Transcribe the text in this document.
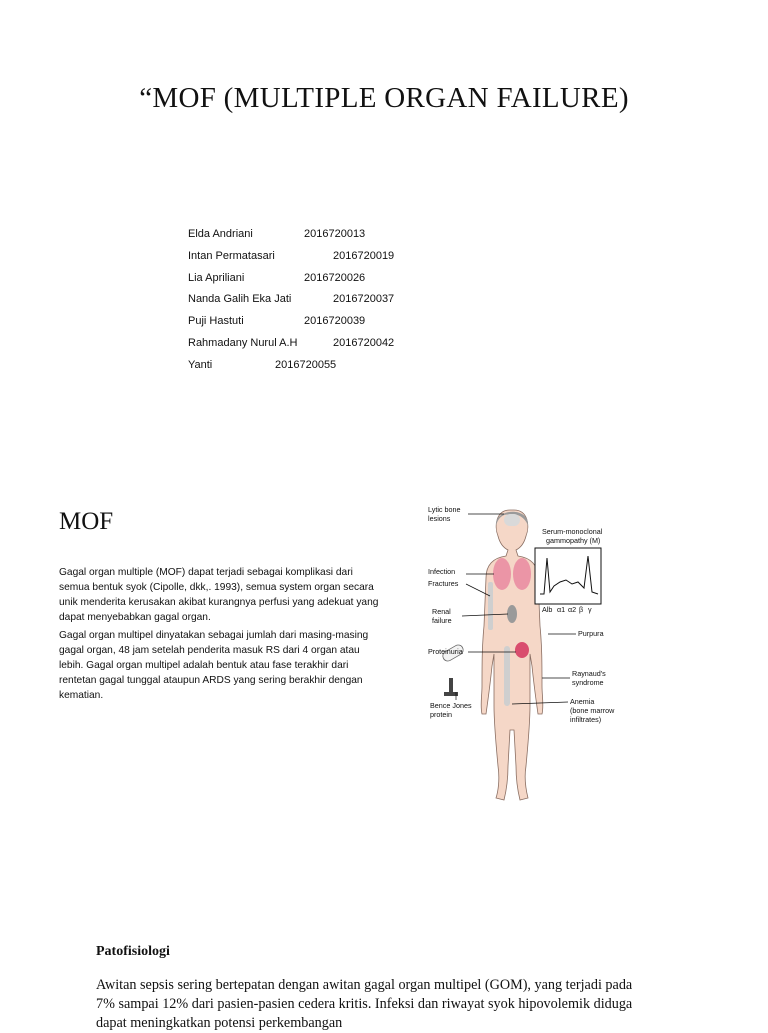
“MOF (MULTIPLE ORGAN FAILURE)
Elda Andriani	2016720013
Intan Permatasari	2016720019
Lia Apriliani	2016720026
Nanda Galih Eka Jati	2016720037
Puji Hastuti	2016720039
Rahmadany Nurul A.H	2016720042
Yanti	2016720055
MOF
Gagal organ multiple (MOF) dapat terjadi sebagai komplikasi dari semua bentuk syok (Cipolle, dkk,. 1993), semua system organ secara unik menderita kerusakan akibat kurangnya perfusi yang adekuat yang dapat menyebabkan gagal organ.
Gagal organ multipel dinyatakan sebagai jumlah dari masing-masing gagal organ, 48 jam setelah penderita masuk RS dari 4 organ atau lebih. Gagal organ multipel adalah bentuk atau fase terakhir dari rentetan gagal tunggal ataupun ARDS yang sering berakhir dengan kematian.
Alb α1 α2 β γ
Lytic bone
lesions
Serum-monoclonal
gammopathy (M)
Infection
Fractures
Renal
failure
Purpura
Proteinuria
Raynaud's
syndrome
Anemia
(bone marrow
infiltrates)
Bence Jones
protein
Patofisiologi
Awitan sepsis sering bertepatan dengan awitan gagal organ multipel (GOM), yang terjadi pada 7% sampai 12% dari pasien-pasien cedera kritis. Infeksi dan riwayat syok hipovolemik diduga dapat meningkatkan potensi perkembangan
